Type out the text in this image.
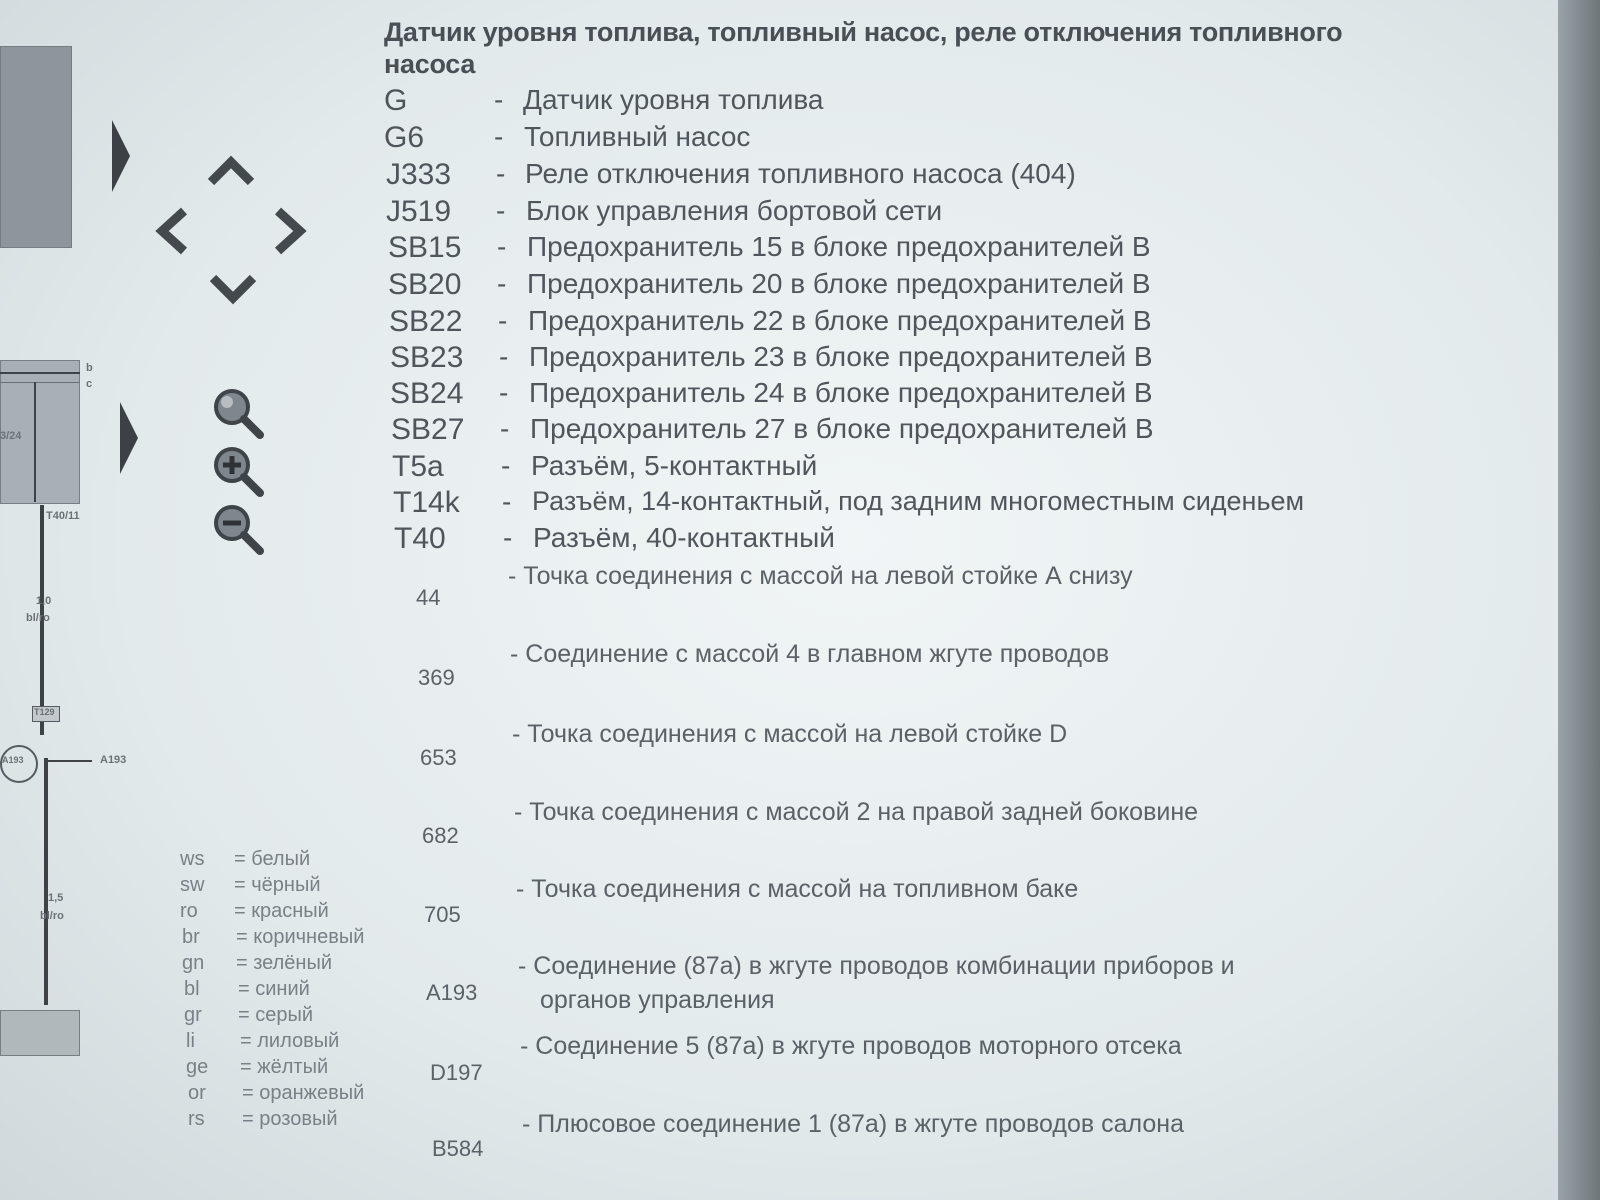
b
c
3/24
T40/11
1,0
bl/ro
T129
A193	A193
1,5
bl/ro
Датчик уровня топлива, топливный насос, реле отключения топливного насоса
G	- Датчик уровня топлива
G6 - Топливный насос
J333 - Реле отключения топливного насоса (404)
J519 - Блок управления бортовой сети
SB15 - Предохранитель 15 в блоке предохранителей В
SB20 - Предохранитель 20 в блоке предохранителей В
SB22 - Предохранитель 22 в блоке предохранителей В
SB23 - Предохранитель 23 в блоке предохранителей В
SB24 - Предохранитель 24 в блоке предохранителей В
SB27 - Предохранитель 27 в блоке предохранителей В
T5a - Разъём, 5-контактный
T14k - Разъём, 14-контактный, под задним многоместным сиденьем
T40 - Разъём, 40-контактный
44
- Точка соединения с массой на левой стойке А снизу
369
- Соединение с массой 4 в главном жгуте проводов
653
- Точка соединения с массой на левой стойке D
682
- Точка соединения с массой 2 на правой задней боковине
705
- Точка соединения с массой на топливном баке
A193
- Соединение (87a) в жгуте проводов комбинации приборов и
органов управления
D197
- Соединение 5 (87a) в жгуте проводов моторного отсека
B584
- Плюсовое соединение 1 (87a) в жгуте проводов салона
ws = белый
sw = чёрный
ro = красный
br = коричневый
gn = зелёный
bl = синий
gr = серый
li = лиловый
ge = жёлтый
or = оранжевый
rs = розовый
